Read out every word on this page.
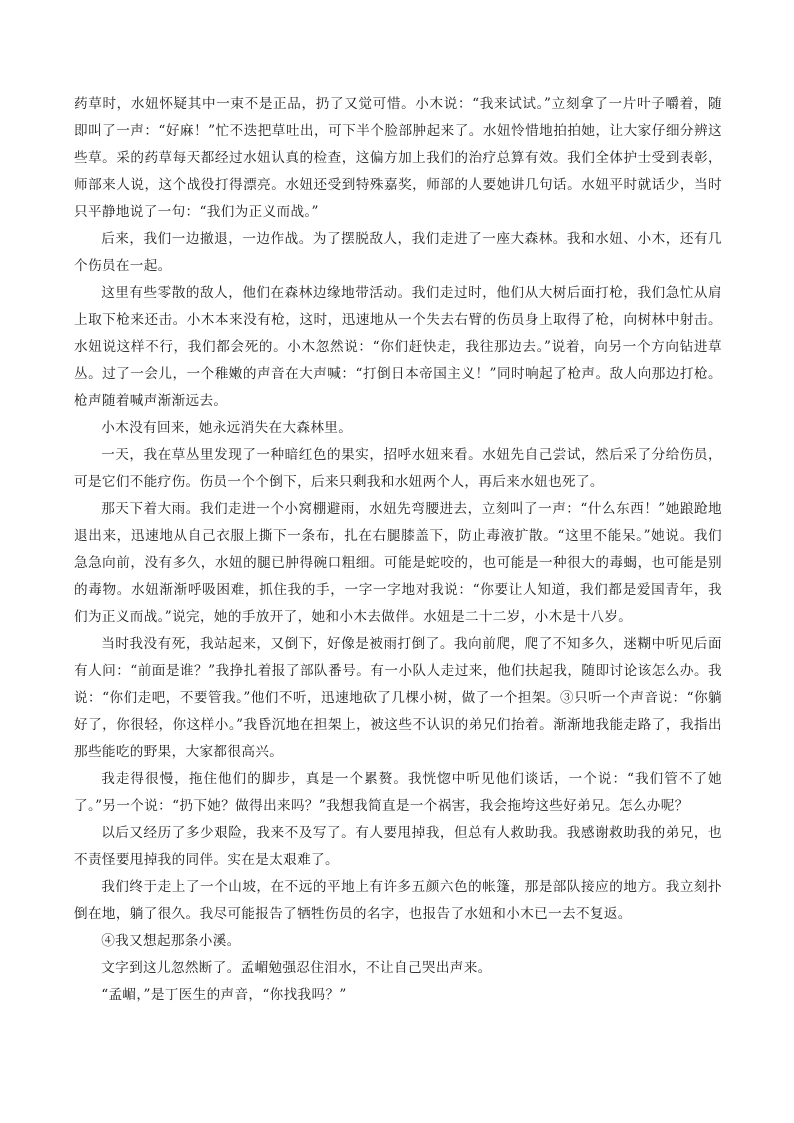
药草时，水妞怀疑其中一束不是正品，扔了又觉可惜。小木说：“我来试试。”立刻拿了一片叶子嚼着，随即叫了一声：“好麻！”忙不迭把草吐出，可下半个脸部肿起来了。水妞怜惜地拍拍她，让大家仔细分辨这些草。采的药草每天都经过水妞认真的检查，这偏方加上我们的治疗总算有效。我们全体护士受到表彰，师部来人说，这个战役打得漂亮。水妞还受到特殊嘉奖，师部的人要她讲几句话。水妞平时就话少，当时只平静地说了一句：“我们为正义而战。”

后来，我们一边撤退，一边作战。为了摆脱敌人，我们走进了一座大森林。我和水妞、小木，还有几个伤员在一起。

这里有些零散的敌人，他们在森林边缘地带活动。我们走过时，他们从大树后面打枪，我们急忙从肩上取下枪来还击。小木本来没有枪，这时，迅速地从一个失去右臂的伤员身上取得了枪，向树林中射击。水妞说这样不行，我们都会死的。小木忽然说：“你们赶快走，我往那边去。”说着，向另一个方向钻进草丛。过了一会儿，一个稚嫩的声音在大声喊：“打倒日本帝国主义！”同时响起了枪声。敌人向那边打枪。枪声随着喊声渐渐远去。

小木没有回来，她永远消失在大森林里。

一天，我在草丛里发现了一种暗红色的果实，招呼水妞来看。水妞先自己尝试，然后采了分给伤员，可是它们不能疗伤。伤员一个个倒下，后来只剩我和水妞两个人，再后来水妞也死了。

那天下着大雨。我们走进一个小窝棚避雨，水妞先弯腰进去，立刻叫了一声：“什么东西！”她踉跄地退出来，迅速地从自己衣服上撕下一条布，扎在右腿膝盖下，防止毒液扩散。“这里不能呆。”她说。我们急急向前，没有多久，水妞的腿已肿得碗口粗细。可能是蛇咬的，也可能是一种很大的毒蝎，也可能是别的毒物。水妞渐渐呼吸困难，抓住我的手，一字一字地对我说：“你要让人知道，我们都是爱国青年，我们为正义而战。”说完，她的手放开了，她和小木去做伴。水妞是二十二岁，小木是十八岁。

当时我没有死，我站起来，又倒下，好像是被雨打倒了。我向前爬，爬了不知多久，迷糊中听见后面有人问：“前面是谁？”我挣扎着报了部队番号。有一小队人走过来，他们扶起我，随即讨论该怎么办。我说：“你们走吧，不要管我。”他们不听，迅速地砍了几棵小树，做了一个担架。③只听一个声音说：“你躺好了，你很轻，你这样小。”我昏沉地在担架上，被这些不认识的弟兄们抬着。渐渐地我能走路了，我指出那些能吃的野果，大家都很高兴。

我走得很慢，拖住他们的脚步，真是一个累赘。我恍惚中听见他们谈话，一个说：“我们管不了她了。”另一个说：“扔下她？做得出来吗？”我想我简直是一个祸害，我会拖垮这些好弟兄。怎么办呢？

以后又经历了多少艰险，我来不及写了。有人要甩掉我，但总有人救助我。我感谢救助我的弟兄，也不责怪要甩掉我的同伴。实在是太艰难了。

我们终于走上了一个山坡，在不远的平地上有许多五颜六色的帐篷，那是部队接应的地方。我立刻扑倒在地，躺了很久。我尽可能报告了牺牲伤员的名字，也报告了水妞和小木已一去不复返。

④我又想起那条小溪。

文字到这儿忽然断了。孟嵋勉强忍住泪水，不让自己哭出声来。

“孟嵋，”是丁医生的声音，“你找我吗？”
